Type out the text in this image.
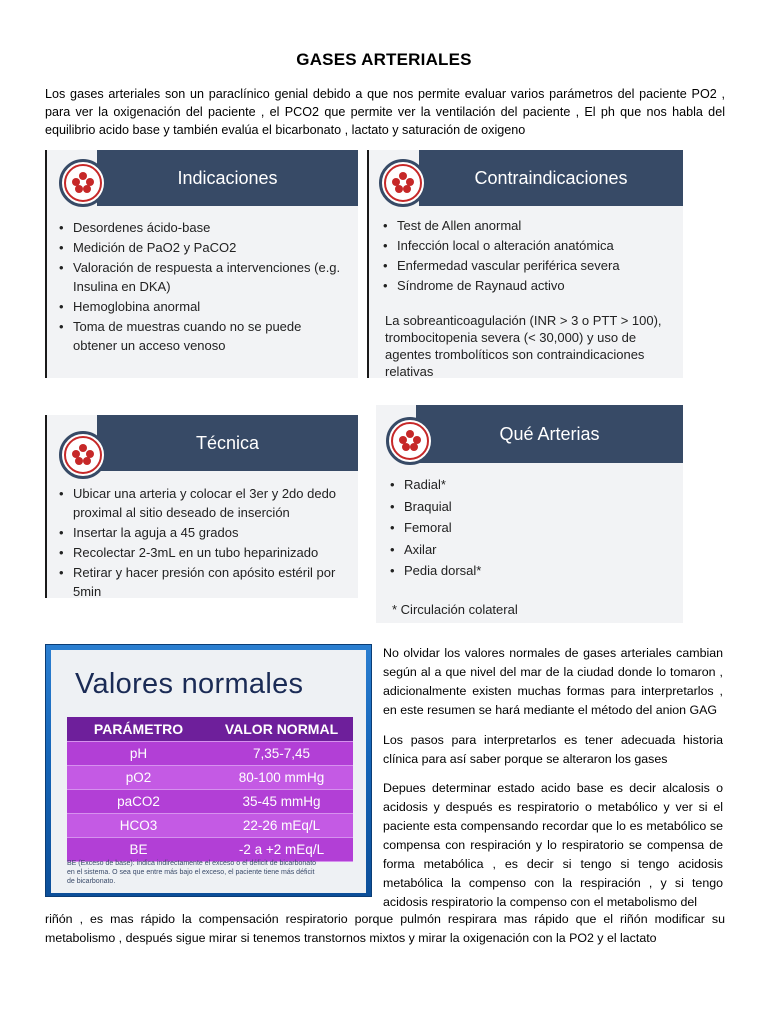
GASES ARTERIALES

Los gases arteriales son un paraclínico genial debido a que nos permite evaluar varios parámetros del paciente PO2 , para ver la oxigenación del paciente , el PCO2 que permite ver la ventilación del paciente , El ph que nos habla del equilibrio acido base y también evalúa el bicarbonato , lactato y saturación de oxigeno

Indicaciones
• Desordenes ácido-base
• Medición de PaO2 y PaCO2
• Valoración de respuesta a intervenciones (e.g. Insulina en DKA)
• Hemoglobina anormal
• Toma de muestras cuando no se puede obtener un acceso venoso
Contraindicaciones
• Test de Allen anormal
• Infección local o alteración anatómica
• Enfermedad vascular periférica severa
• Síndrome de Raynaud activo

La sobreanticoagulación (INR > 3 o PTT > 100), trombocitopenia severa (< 30,000) y uso de agentes trombolíticos son contraindicaciones relativas

Técnica
• Ubicar una arteria y colocar el 3er y 2do dedo proximal al sitio deseado de inserción
• Insertar la aguja a 45 grados
• Recolectar 2-3mL en un tubo heparinizado
• Retirar y hacer presión con apósito estéril por 5min
Qué Arterias
• Radial*
• Braquial
• Femoral
• Axilar
• Pedia dorsal*

* Circulación colateral

Valores normales
PARÁMETRO	VALOR NORMAL
pH	7,35-7,45
pO2	80-100 mmHg
paCO2	35-45 mmHg
HCO3	22-26 mEq/L
BE	-2 a +2 mEq/L

BE (Exceso de base): indica indirectamente el exceso o el déficit de bicarbonato en el sistema. O sea que entre más bajo el exceso, el paciente tiene más déficit de bicarbonato.

No olvidar los valores normales de gases arteriales cambian según al a que nivel del mar de la ciudad donde lo tomaron , adicionalmente existen muchas formas para interpretarlos , en este resumen se hará mediante el método del anion GAG

Los pasos para interpretarlos es tener adecuada historia clínica para así saber porque se alteraron los gases

Depues determinar estado acido base es decir alcalosis o acidosis y después es respiratorio o metabólico y ver si el paciente esta compensando recordar que lo es metabólico se compensa con respiración y lo respiratorio se compensa de forma metabólica , es decir si tengo si tengo acidosis metabólica la compenso con la respiración , y si tengo acidosis respiratorio la compenso con el metabolismo del

riñón , es mas rápido la compensación respiratorio porque pulmón respirara mas rápido que el riñón modificar su metabolismo , después sigue mirar si tenemos transtornos mixtos y mirar la oxigenación con la PO2 y el lactato
